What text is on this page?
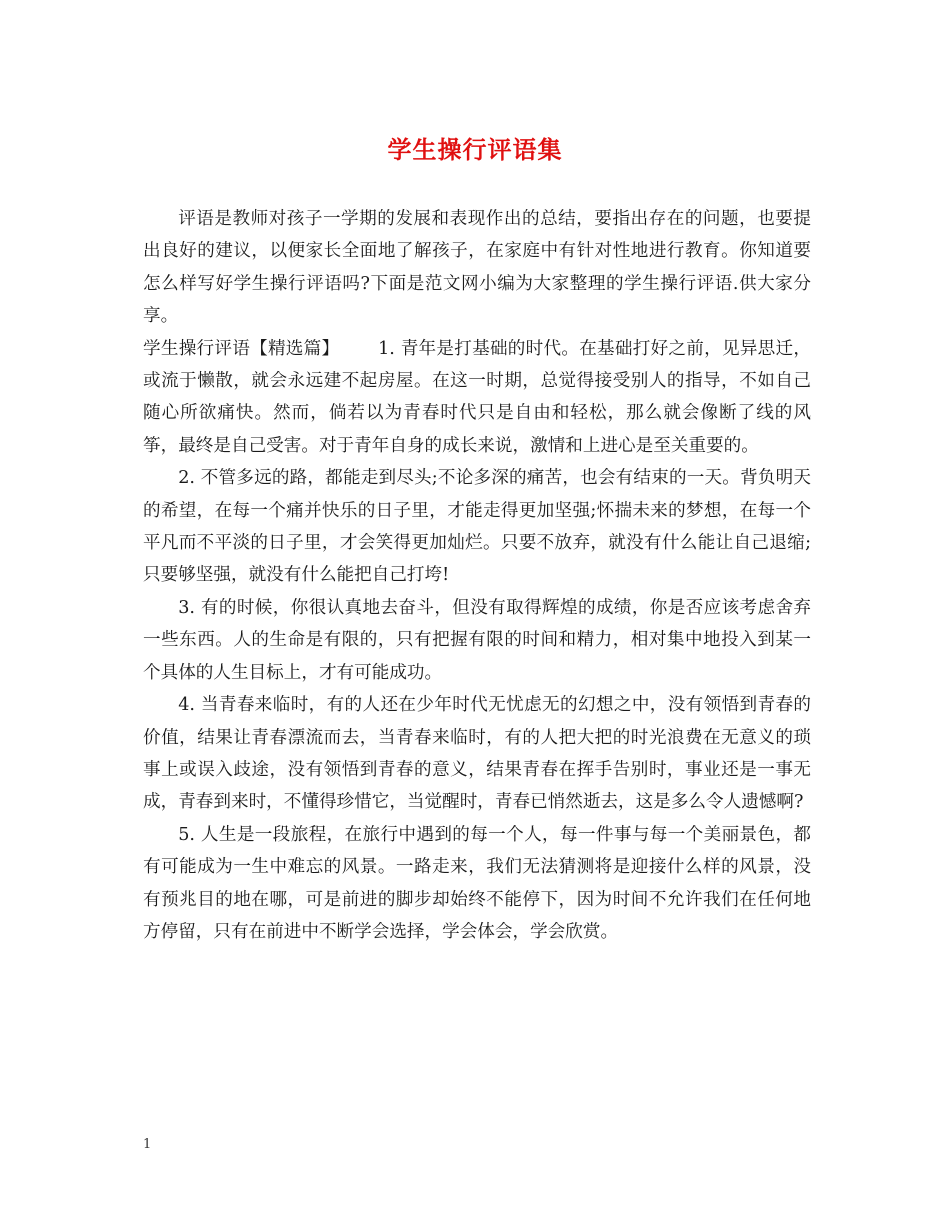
学生操行评语集

评语是教师对孩子一学期的发展和表现作出的总结，要指出存在的问题，也要提出良好的建议，以便家长全面地了解孩子，在家庭中有针对性地进行教育。你知道要怎么样写好学生操行评语吗?下面是范文网小编为大家整理的学生操行评语.供大家分享。

学生操行评语【精选篇】 1. 青年是打基础的时代。在基础打好之前，见异思迁，或流于懒散，就会永远建不起房屋。在这一时期，总觉得接受别人的指导，不如自己随心所欲痛快。然而，倘若以为青春时代只是自由和轻松，那么就会像断了线的风筝，最终是自己受害。对于青年自身的成长来说，激情和上进心是至关重要的。

2. 不管多远的路，都能走到尽头;不论多深的痛苦，也会有结束的一天。背负明天的希望，在每一个痛并快乐的日子里，才能走得更加坚强;怀揣未来的梦想，在每一个平凡而不平淡的日子里，才会笑得更加灿烂。只要不放弃，就没有什么能让自己退缩;只要够坚强，就没有什么能把自己打垮!

3. 有的时候，你很认真地去奋斗，但没有取得辉煌的成绩，你是否应该考虑舍弃一些东西。人的生命是有限的，只有把握有限的时间和精力，相对集中地投入到某一个具体的人生目标上，才有可能成功。

4. 当青春来临时，有的人还在少年时代无忧虑无的幻想之中，没有领悟到青春的价值，结果让青春漂流而去，当青春来临时，有的人把大把的时光浪费在无意义的琐事上或误入歧途，没有领悟到青春的意义，结果青春在挥手告别时，事业还是一事无成，青春到来时，不懂得珍惜它，当觉醒时，青春已悄然逝去，这是多么令人遗憾啊?

5. 人生是一段旅程，在旅行中遇到的每一个人，每一件事与每一个美丽景色，都有可能成为一生中难忘的风景。一路走来，我们无法猜测将是迎接什么样的风景，没有预兆目的地在哪，可是前进的脚步却始终不能停下，因为时间不允许我们在任何地方停留，只有在前进中不断学会选择，学会体会，学会欣赏。

1
